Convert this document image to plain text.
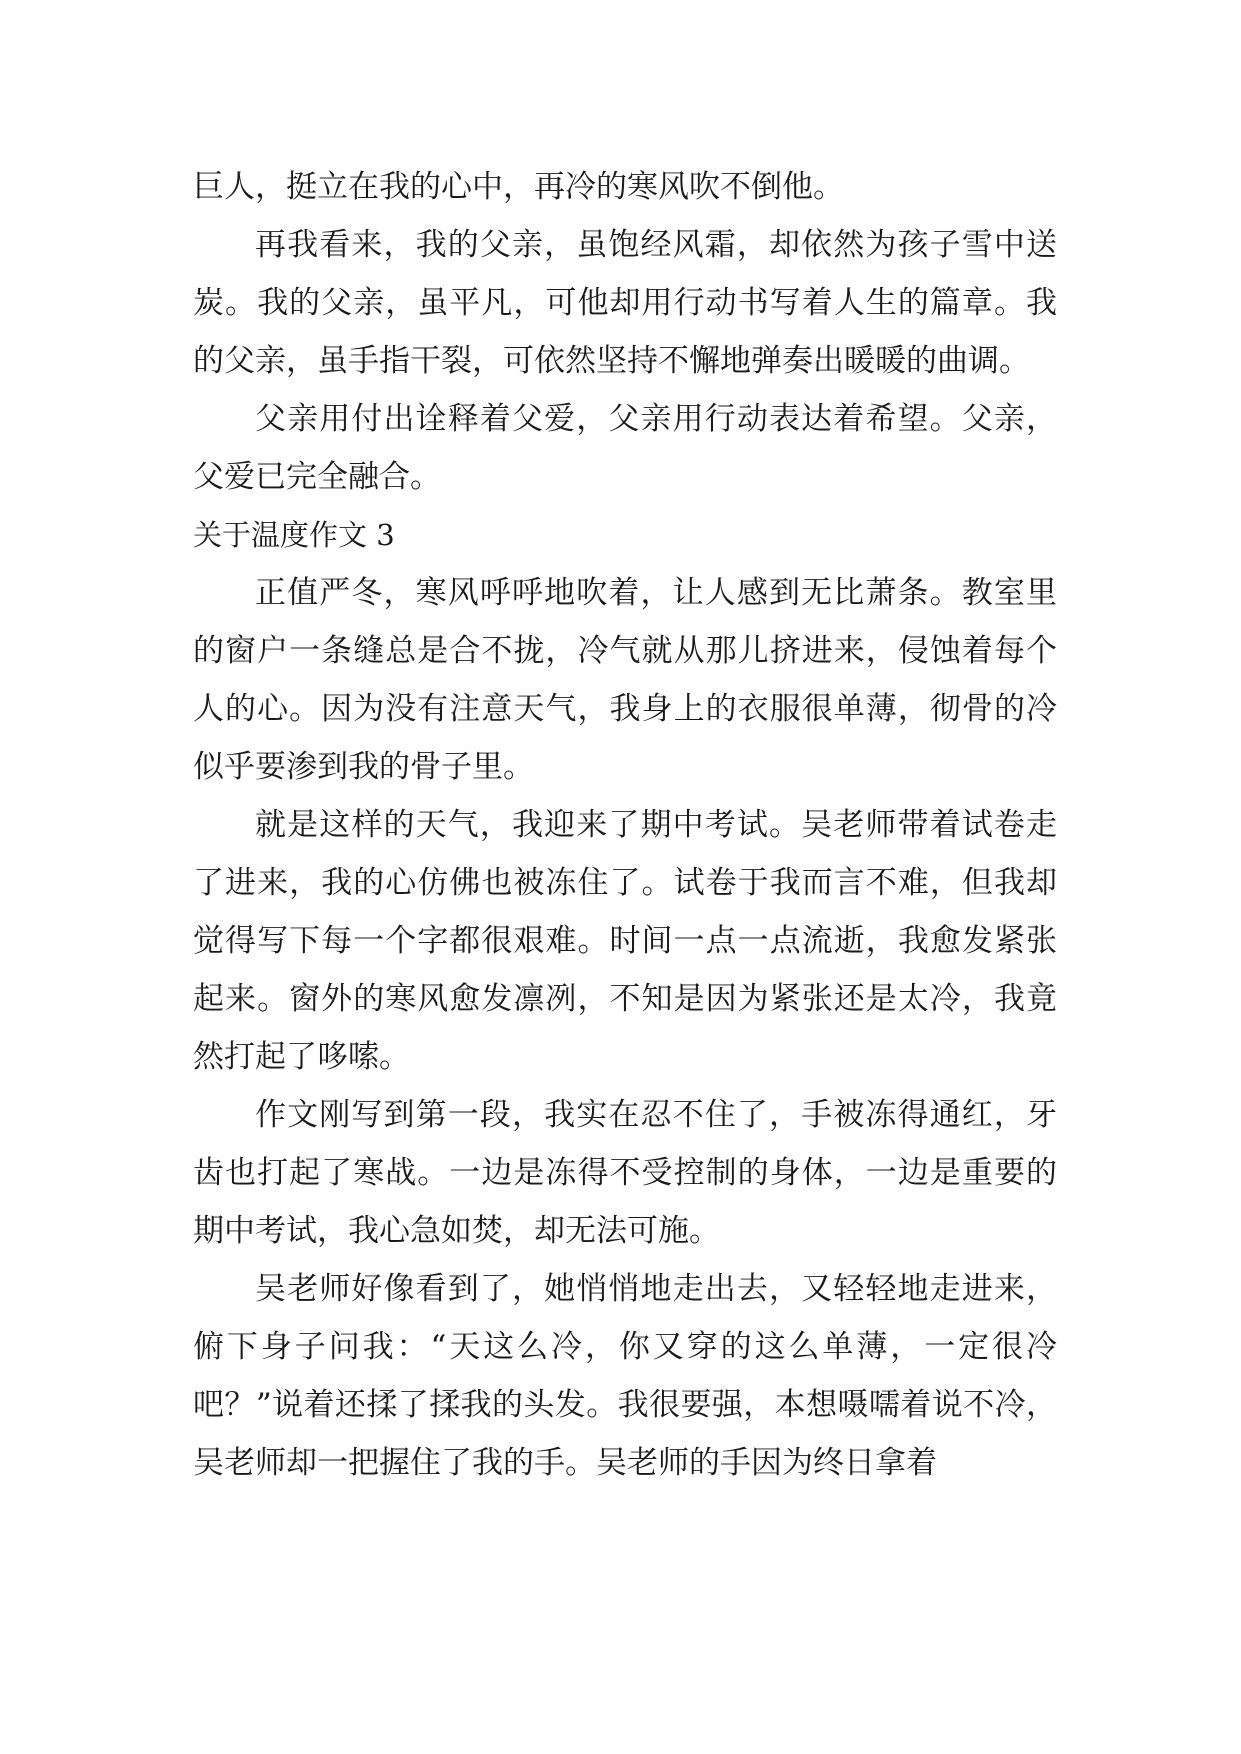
巨人，挺立在我的心中，再冷的寒风吹不倒他。

再我看来，我的父亲，虽饱经风霜，却依然为孩子雪中送炭。我的父亲，虽平凡，可他却用行动书写着人生的篇章。我的父亲，虽手指干裂，可依然坚持不懈地弹奏出暖暖的曲调。

父亲用付出诠释着父爱，父亲用行动表达着希望。父亲，父爱已完全融合。

关于温度作文 3

正值严冬，寒风呼呼地吹着，让人感到无比萧条。教室里的窗户一条缝总是合不拢，冷气就从那儿挤进来，侵蚀着每个人的心。因为没有注意天气，我身上的衣服很单薄，彻骨的冷似乎要渗到我的骨子里。

就是这样的天气，我迎来了期中考试。吴老师带着试卷走了进来，我的心仿佛也被冻住了。试卷于我而言不难，但我却觉得写下每一个字都很艰难。时间一点一点流逝，我愈发紧张起来。窗外的寒风愈发凛冽，不知是因为紧张还是太冷，我竟然打起了哆嗦。

作文刚写到第一段，我实在忍不住了，手被冻得通红，牙齿也打起了寒战。一边是冻得不受控制的身体，一边是重要的期中考试，我心急如焚，却无法可施。

吴老师好像看到了，她悄悄地走出去，又轻轻地走进来，俯下身子问我：“天这么冷，你又穿的这么单薄，一定很冷吧？”说着还揉了揉我的头发。我很要强，本想嗫嚅着说不冷，吴老师却一把握住了我的手。吴老师的手因为终日拿着
